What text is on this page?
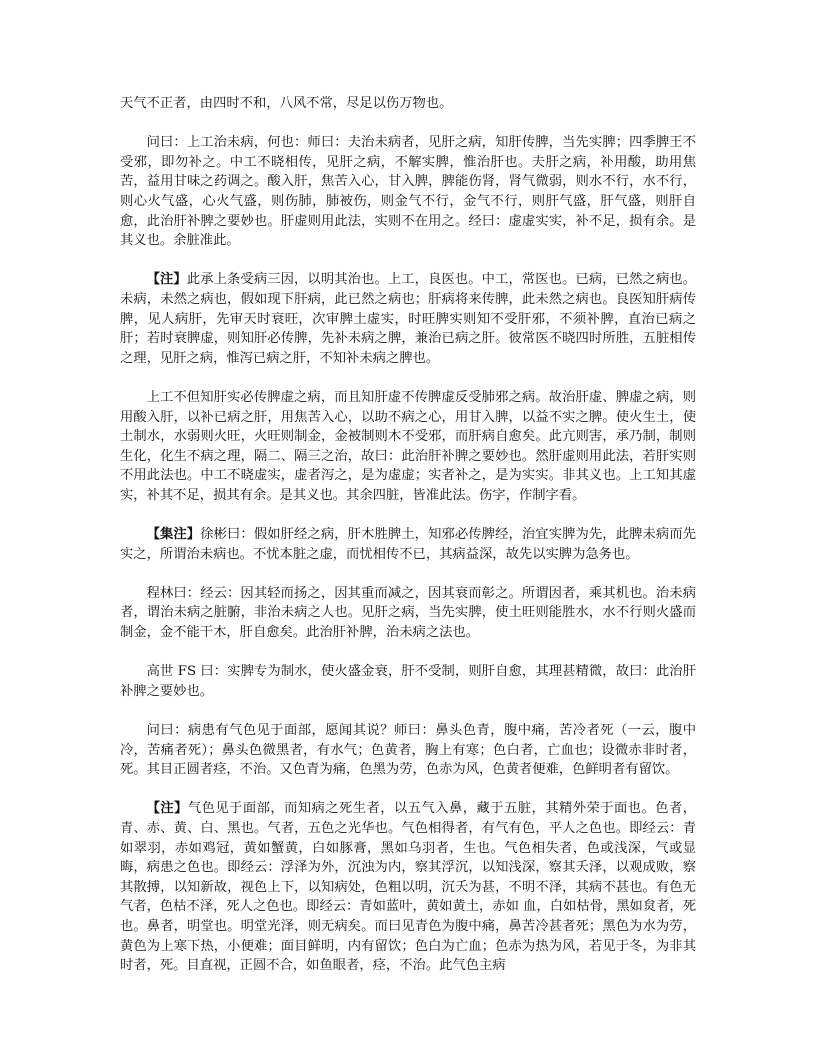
天气不正者，由四时不和，八风不常，尽足以伤万物也。

问曰：上工治未病，何也：师曰：夫治未病者，见肝之病，知肝传脾，当先实脾；四季脾王不受邪，即勿补之。中工不晓相传，见肝之病，不解实脾，惟治肝也。夫肝之病，补用酸，助用焦苦，益用甘味之药调之。酸入肝，焦苦入心，甘入脾，脾能伤肾，肾气微弱，则水不行，水不行，则心火气盛，心火气盛，则伤肺，肺被伤，则金气不行，金气不行，则肝气盛，肝气盛，则肝自愈，此治肝补脾之要妙也。肝虚则用此法，实则不在用之。经曰：虚虚实实，补不足，损有余。是其义也。余脏准此。

【注】此承上条受病三因，以明其治也。上工，良医也。中工，常医也。已病，已然之病也。未病，未然之病也，假如现下肝病，此已然之病也；肝病将来传脾，此未然之病也。良医知肝病传脾，见人病肝，先审天时衰旺，次审脾土虚实，时旺脾实则知不受肝邪，不须补脾，直治已病之肝；若时衰脾虚，则知肝必传脾，先补未病之脾，兼治已病之肝。彼常医不晓四时所胜，五脏相传之理，见肝之病，惟泻已病之肝，不知补未病之脾也。

上工不但知肝实必传脾虚之病，而且知肝虚不传脾虚反受肺邪之病。故治肝虚、脾虚之病，则用酸入肝，以补已病之肝，用焦苦入心，以助不病之心，用甘入脾，以益不实之脾。使火生土，使土制水，水弱则火旺，火旺则制金，金被制则木不受邪，而肝病自愈矣。此亢则害，承乃制，制则生化，化生不病之理，隔二、隔三之治，故曰：此治肝补脾之要妙也。然肝虚则用此法，若肝实则不用此法也。中工不晓虚实，虚者泻之，是为虚虚；实者补之，是为实实。非其义也。上工知其虚实，补其不足，损其有余。是其义也。其余四脏，皆准此法。伤字，作制字看。

【集注】徐彬曰：假如肝经之病，肝木胜脾土，知邪必传脾经，治宜实脾为先，此脾未病而先实之，所谓治未病也。不忧本脏之虚，而忧相传不已，其病益深，故先以实脾为急务也。

程林曰：经云：因其轻而扬之，因其重而减之，因其衰而彰之。所谓因者，乘其机也。治未病者，谓治未病之脏腑，非治未病之人也。见肝之病，当先实脾，使土旺则能胜水，水不行则火盛而制金，金不能干木，肝自愈矣。此治肝补脾，治未病之法也。

高世 FS 曰：实脾专为制水，使火盛金衰，肝不受制，则肝自愈，其理甚精微，故曰：此治肝补脾之要妙也。

问曰：病患有气色见于面部，愿闻其说？师曰：鼻头色青，腹中痛，苦冷者死（一云，腹中冷，苦痛者死）；鼻头色微黑者，有水气；色黄者，胸上有寒；色白者，亡血也；设微赤非时者，死。其目正圆者痉，不治。又色青为痛，色黑为劳，色赤为风，色黄者便难，色鲜明者有留饮。

【注】气色见于面部，而知病之死生者，以五气入鼻，藏于五脏，其精外荣于面也。色者，青、赤、黄、白、黑也。气者，五色之光华也。气色相得者，有气有色，平人之色也。即经云：青如翠羽，赤如鸡冠，黄如蟹黄，白如豚膏，黑如乌羽者，生也。气色相失者，色或浅深，气或显晦，病患之色也。即经云：浮泽为外，沉浊为内，察其浮沉，以知浅深，察其夭泽，以观成败，察其散搏，以知新故，视色上下，以知病处，色粗以明，沉夭为甚，不明不泽，其病不甚也。有色无气者，色枯不泽，死人之色也。即经云：青如蓝叶，黄如黄土，赤如 血，白如枯骨，黑如炱者，死也。鼻者，明堂也。明堂光泽，则无病矣。而曰见青色为腹中痛，鼻苦冷甚者死；黑色为水为劳，黄色为上寒下热，小便难；面目鲜明，内有留饮；色白为亡血；色赤为热为风，若见于冬，为非其时者，死。目直视，正圆不合，如鱼眼者，痉，不治。此气色主病
